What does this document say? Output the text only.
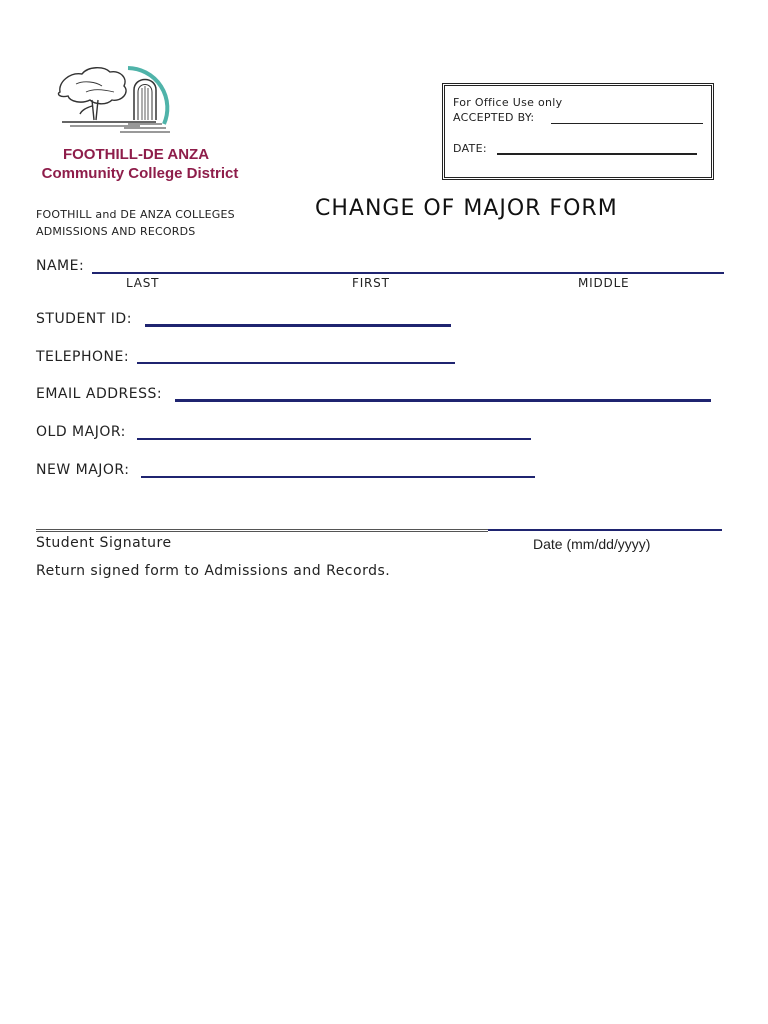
FOOTHILL-DE ANZA
Community College District
For Office Use only
ACCEPTED BY:
DATE:
FOOTHILL and DE ANZA COLLEGES
ADMISSIONS AND RECORDS
CHANGE OF MAJOR FORM
NAME:
LAST	FIRST	MIDDLE
STUDENT ID:
TELEPHONE:
EMAIL ADDRESS:
OLD MAJOR:
NEW MAJOR:
Student Signature	Date (mm/dd/yyyy)
Return signed form to Admissions and Records.
